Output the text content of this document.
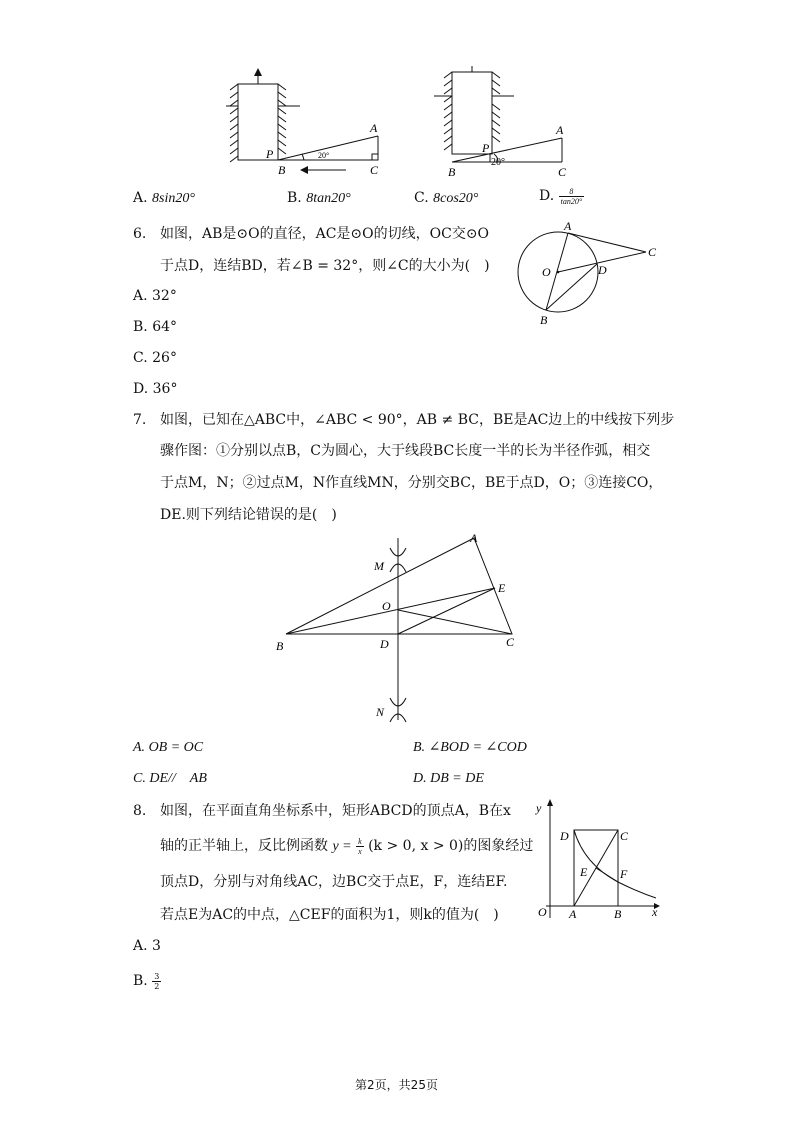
A
P
B	C
20°
A
P
B	C
20°
A. 8sin20°	B. 8tan20°	C. 8cos20°	D. $\frac{8}{\tan 20^\circ}$
6. 如图，AB是⊙O的直径，AC是⊙O的切线，OC交⊙O
于点D，连结BD，若∠B = 32°，则∠C的大小为(　)
A. 32°
B. 64°
C. 26°
D. 36°
A
B
C
D
O
7. 如图，已知在△ABC中，∠ABC < 90°，AB ≠ BC，BE是AC边上的中线按下列步
骤作图：①分别以点B，C为圆心，大于线段BC长度一半的长为半径作弧，相交
于点M，N；②过点M，N作直线MN，分别交BC，BE于点D，O；③连接CO，
DE.则下列结论错误的是(　)
A
B	C
D
E
M
N
O
A. OB = OC	B. ∠BOD = ∠COD
C. DE//　AB	D. DB = DE
8. 如图，在平面直角坐标系中，矩形ABCD的顶点A，B在x
轴的正半轴上，反比例函数 $y = \frac{k}{x} (k > 0$, x > 0)的图象经过
顶点D，分别与对角线AC，边BC交于点E，F，连结EF.
若点E为AC的中点，△CEF的面积为1，则k的值为(　)
A. 3
B. $\frac{3}{2}$
y
x
O A	B
C
D
E	F
第2页，共25页
